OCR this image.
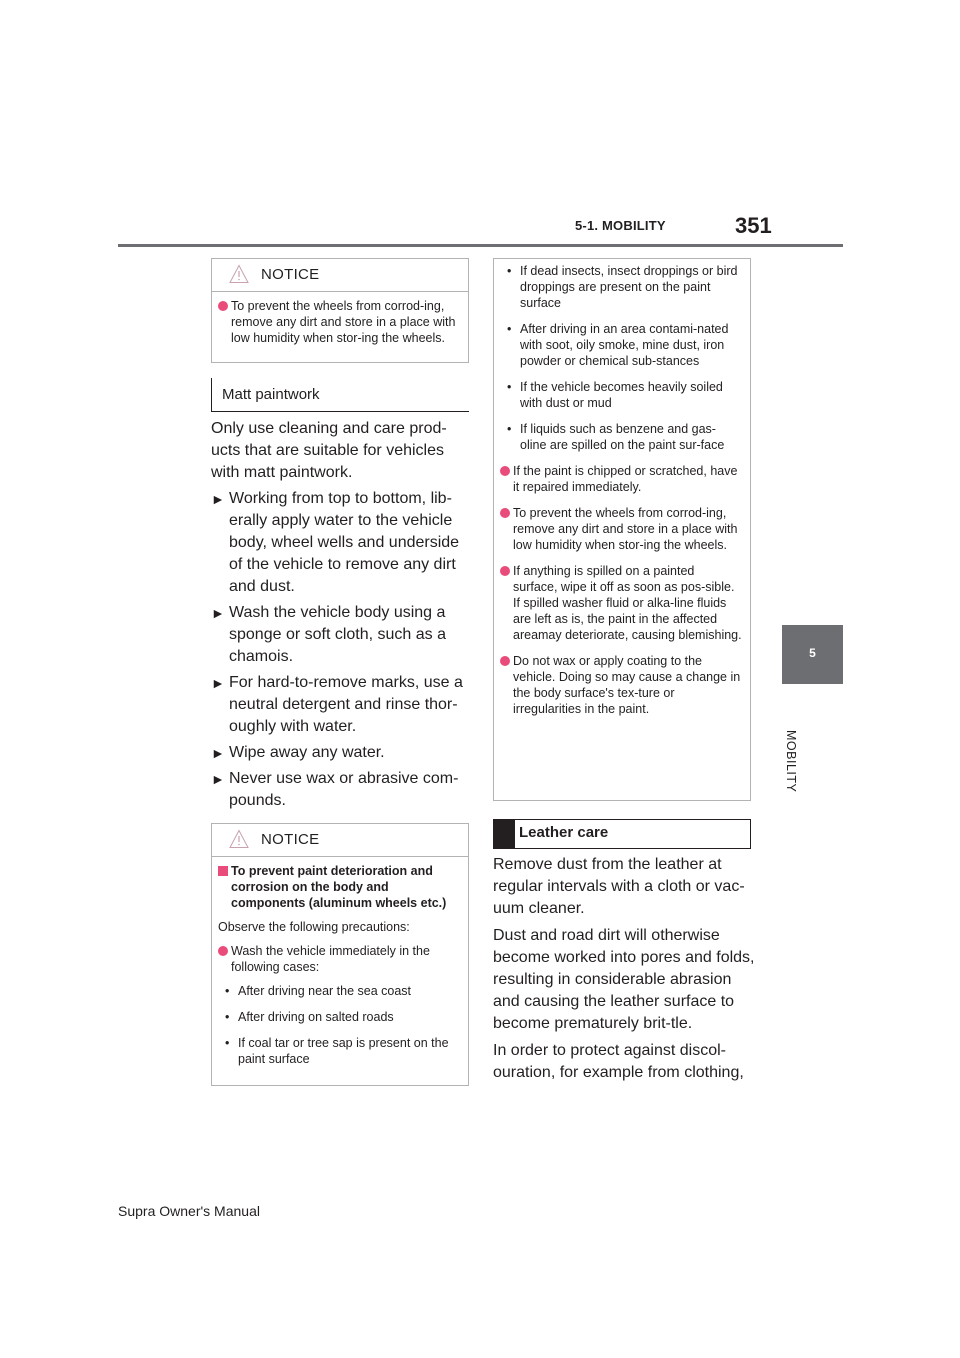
5-1. MOBILITY	351
5
MOBILITY
NOTICE
To prevent the wheels from corrod-ing, remove any dirt and store in a place with low humidity when stor-ing the wheels.
Matt paintwork

Only use cleaning and care prod-ucts that are suitable for vehicles with matt paintwork.

► Working from top to bottom, lib-erally apply water to the vehicle body, wheel wells and underside of the vehicle to remove any dirt and dust.
► Wash the vehicle body using a sponge or soft cloth, such as a chamois.
► For hard-to-remove marks, use a neutral detergent and rinse thor-oughly with water.
► Wipe away any water.
► Never use wax or abrasive com-pounds.
NOTICE
To prevent paint deterioration and corrosion on the body and components (aluminum wheels etc.)
Observe the following precautions:
Wash the vehicle immediately in the following cases:
• After driving near the sea coast
• After driving on salted roads
• If coal tar or tree sap is present on the paint surface
• If dead insects, insect droppings or bird droppings are present on the paint surface
• After driving in an area contami-nated with soot, oily smoke, mine dust, iron powder or chemical sub-stances
• If the vehicle becomes heavily soiled with dust or mud
• If liquids such as benzene and gas-oline are spilled on the paint sur-face
If the paint is chipped or scratched, have it repaired immediately.
To prevent the wheels from corrod-ing, remove any dirt and store in a place with low humidity when stor-ing the wheels.
If anything is spilled on a painted surface, wipe it off as soon as pos-sible. If spilled washer fluid or alka-line fluids are left as is, the paint in the affected areamay deteriorate, causing blemishing.
Do not wax or apply coating to the vehicle. Doing so may cause a change in the body surface's tex-ture or irregularities in the paint.
Leather care

Remove dust from the leather at regular intervals with a cloth or vac-uum cleaner.

Dust and road dirt will otherwise become worked into pores and folds, resulting in considerable abrasion and causing the leather surface to become prematurely brit-tle.

In order to protect against discol-ouration, for example from clothing,

Supra Owner's Manual
